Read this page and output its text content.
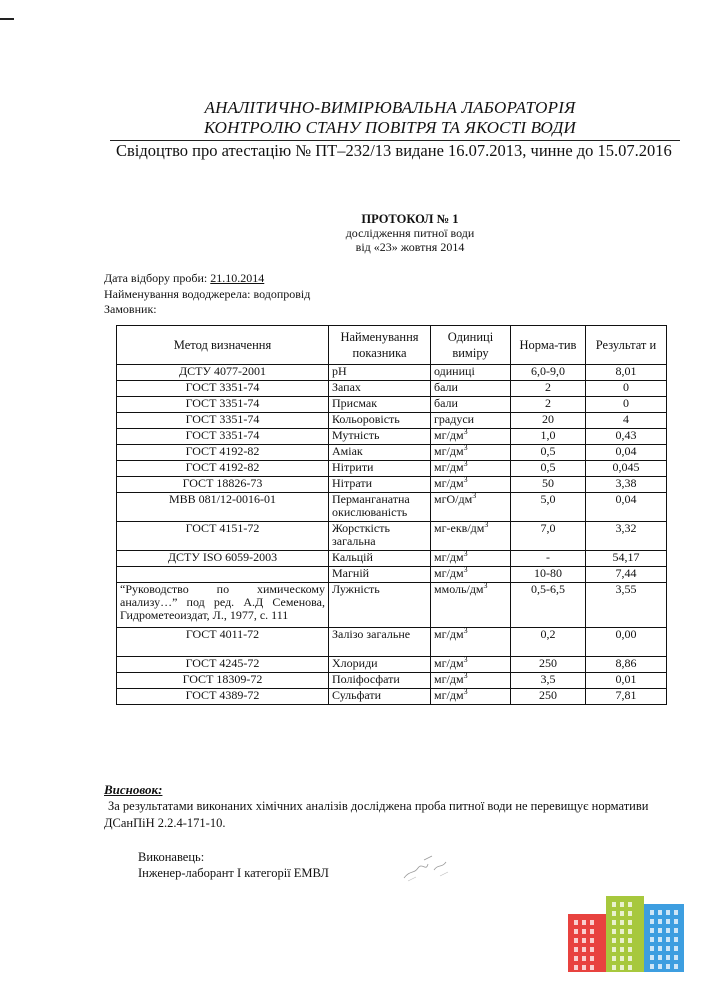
АНАЛІТИЧНО-ВИМІРЮВАЛЬНА ЛАБОРАТОРІЯ
КОНТРОЛЮ СТАНУ ПОВІТРЯ ТА ЯКОСТІ ВОДИ
Свідоцтво про атестацію № ПТ–232/13 видане 16.07.2013, чинне до 15.07.2016
ПРОТОКОЛ № 1
дослідження питної води
від «23» жовтня 2014
Дата відбору проби: 21.10.2014
Найменування вододжерела: водопровід
Замовник:
Метод визначення	Найменування показника	Одиниці виміру	Норма-тив	Результат и
ДСТУ 4077-2001	pH	одиниці	6,0-9,0	8,01
ГОСТ 3351-74	Запах	бали	2	0
ГОСТ 3351-74	Присмак	бали	2	0
ГОСТ 3351-74	Кольоровість	градуси	20	4
ГОСТ 3351-74	Мутність	$мг/дм^3$	1,0	0,43
ГОСТ 4192-82	Аміак	$мг/дм^3$	0,5	0,04
ГОСТ 4192-82	Нітрити	$мг/дм^3$	0,5	0,045
ГОСТ 18826-73	Нітрати	$мг/дм^3$	50	3,38
МВВ 081/12-0016-01	Перманганатна окислюваність	мгО/$дм^3$	5,0	0,04
ГОСТ 4151-72	Жорсткість загальна	$мг-екв/дм^3$	7,0	3,32
ДСТУ ISO 6059-2003	Кальцій	$мг/дм^3$	-	54,17
	Магній	$мг/дм^3$	10-80	7,44
“Руководство по химическому анализу…” под ред. А.Д Семенова, Гидрометеоиздат, Л., 1977, с. 111	Лужність	ммоль/$дм^3$	0,5-6,5	3,55
ГОСТ 4011-72	Залізо загальне	$мг/дм^3$	0,2	0,00
ГОСТ 4245-72	Хлориди	$мг/дм^3$	250	8,86
ГОСТ 18309-72	Поліфосфати	$мг/дм^3$	3,5	0,01
ГОСТ 4389-72	Сульфати	$мг/дм^3$	250	7,81
Висновок:
За результатами виконаних хімічних аналізів досліджена проба питної води не перевищує нормативи ДСанПіН 2.2.4-171-10.
Виконавець:
Інженер-лаборант І категорії ЕМВЛ
